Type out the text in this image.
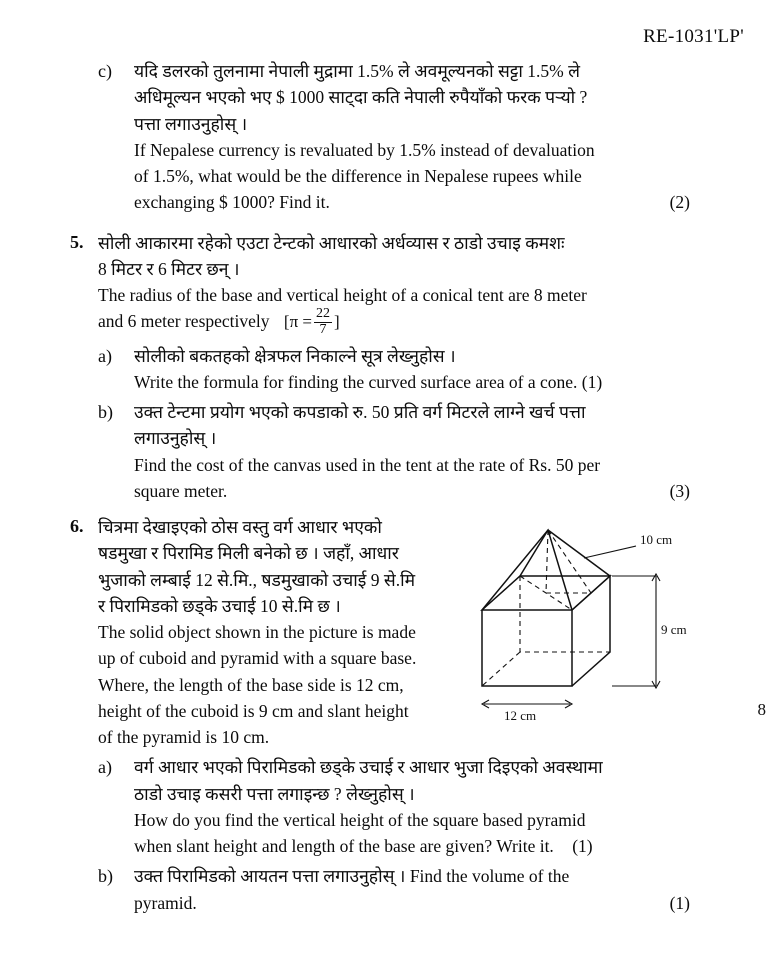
RE-1031'LP'
8
c)	यदि डलरको तुलनामा नेपाली मुद्रामा 1.5% ले अवमूल्यनको सट्टा 1.5% ले
अधिमूल्यन भएको भए $ 1000 साट्दा कति नेपाली रुपैयाँको फरक पर्‍यो ?
पत्ता लगाउनुहोस् ।
If Nepalese currency is revaluated by 1.5% instead of devaluation
of 1.5%, what would be the difference in Nepalese rupees while
(2)
exchanging $ 1000? Find it.
5. सोली आकारमा रहेको एउटा टेन्टको आधारको अर्धव्यास र ठाडो उचाइ कमशः
8 मिटर र 6 मिटर छन् ।
The radius of the base and vertical height of a conical tent are 8 meter
and 6 meter respectively [$\pi = \frac{22}{7}$ ]
a)	सोलीको बकतहको क्षेत्रफल निकाल्ने सूत्र लेख्नुहोस ।
Write the formula for finding the curved surface area of a cone. (1)
b)	उक्त टेन्टमा प्रयोग भएको कपडाको रु. 50 प्रति वर्ग मिटरले लाग्ने खर्च पत्ता
लगाउनुहोस् ।
Find the cost of the canvas used in the tent at the rate of Rs. 50 per
(3)
square meter.
6. चित्रमा देखाइएको ठोस वस्तु वर्ग आधार भएको
षडमुखा र पिरामिड मिली बनेको छ । जहाँ, आधार
भुजाको लम्बाई 12 से.मि., षडमुखाको उचाई 9 से.मि
र पिरामिडको छड्के उचाई 10 से.मि छ ।
The solid object shown in the picture is made
up of cuboid and pyramid with a square base.
Where, the length of the base side is 12 cm,
height of the cuboid is 9 cm and slant height
of the pyramid is 10 cm.
10 cm
9 cm
12 cm
a)	वर्ग आधार भएको पिरामिडको छड्के उचाई र आधार भुजा दिइएको अवस्थामा
ठाडो उचाइ कसरी पत्ता लगाइन्छ ? लेख्नुहोस् ।
How do you find the vertical height of the square based pyramid
when slant height and length of the base are given? Write it. (1)
b)	उक्त पिरामिडको आयतन पत्ता लगाउनुहोस् । Find the volume of the
(1)
pyramid.
